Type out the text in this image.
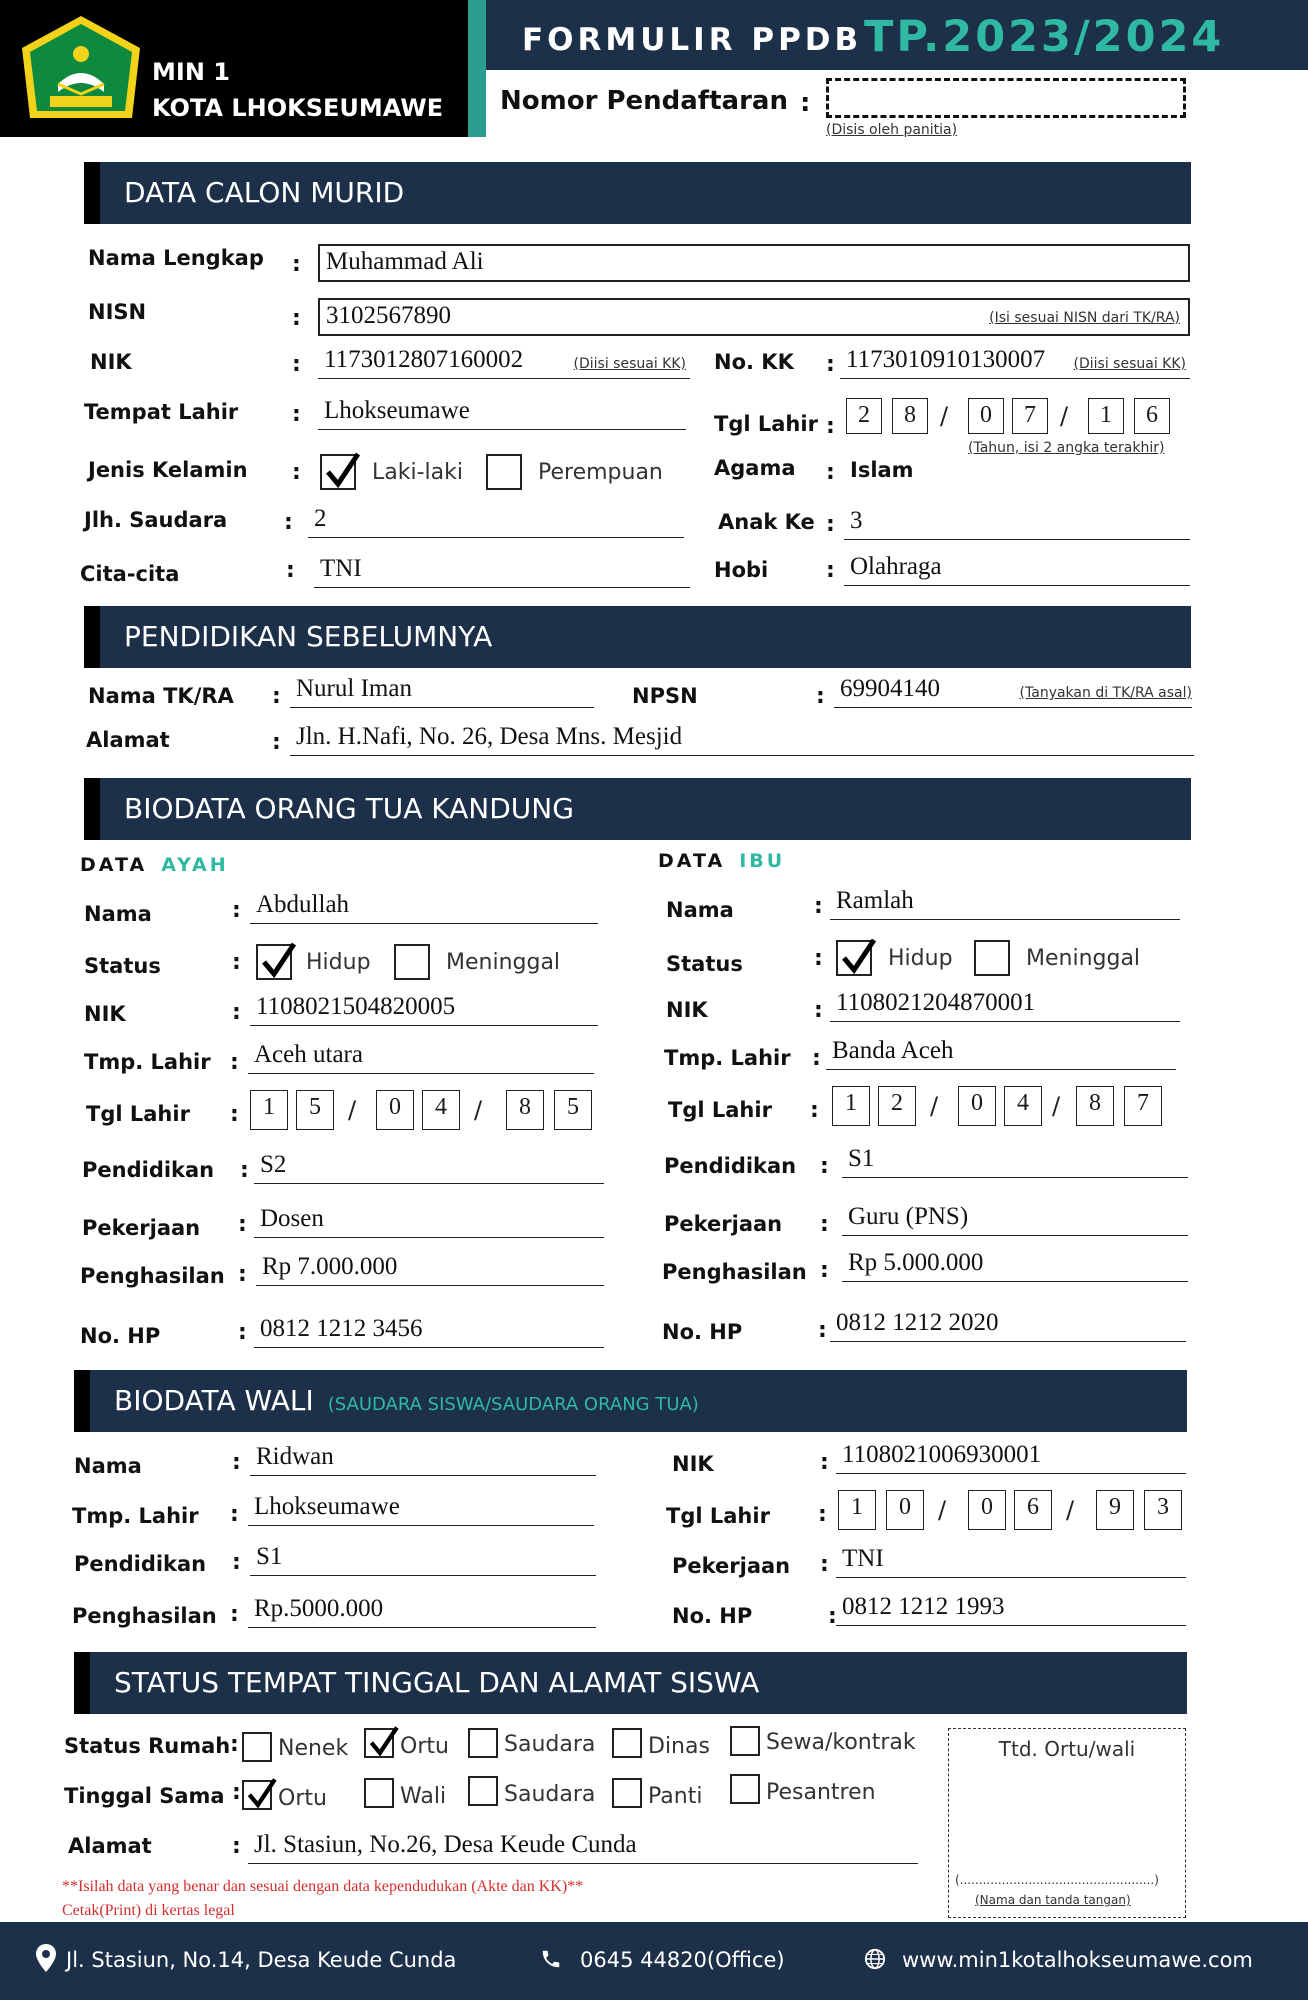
MIN 1
KOTA LHOKSEUMAWE
FORMULIR PPDB TP.2023/2024
Nomor Pendaftaran :
(Disis oleh panitia)
DATA CALON MURID
Nama Lengkap : Muhammad Ali
NISN	: 3102567890	(Isi sesuai NISN dari TK/RA)
NIK	: 1173012807160002	(Diisi sesuai KK) No. KK : 1173010910130007 (Diisi sesuai KK)
Tempat Lahir : Lhokseumawe	Tgl Lahir : 2	8	/	0	7	/	1	6
(Tahun, isi 2 angka terakhir)
Jenis Kelamin :	Laki-laki	Perempuan Agama : Islam
Jlh. Saudara	: 2	Anak Ke : 3
Cita-cita	: TNI	Hobi	: Olahraga
PENDIDIKAN SEBELUMNYA
Nama TK/RA : Nurul Iman	NPSN	: 69904140	(Tanyakan di TK/RA asal)
Alamat	: Jln. H.Nafi, No. 26, Desa Mns. Mesjid
BIODATA ORANG TUA KANDUNG
DATA AYAH
Nama	: Abdullah
Status	:	Hidup	Meninggal
NIK	: 1108021504820005
Tmp. Lahir : Aceh utara
Tgl Lahir :	1	5	/	0	4	/	8	5
Pendidikan : S2
Pekerjaan : Dosen
Penghasilan : Rp 7.000.000
No. HP	: 0812 1212 3456
DATA IBU
Nama	: Ramlah
Status	:	Hidup	Meninggal
NIK	: 1108021204870001
Tmp. Lahir : Banda Aceh
Tgl Lahir :	1	2	/	0	4 /	8	7
Pendidikan : S1
Pekerjaan : Guru (PNS)
Penghasilan : Rp 5.000.000
No. HP	: 0812 1212 2020
BIODATA WALI (SAUDARA SISWA/SAUDARA ORANG TUA)
Nama	: Ridwan	NIK	: 1108021006930001
Tmp. Lahir : Lhokseumawe	Tgl Lahir :	1	0	/	0	6	/	9	3
Pendidikan : S1	Pekerjaan : TNI
Penghasilan : Rp.5000.000	No. HP	: 0812 1212 1993
STATUS TEMPAT TINGGAL DAN ALAMAT SISWA
Status Rumah : Nenek Ortu	Saudara Dinas	Sewa/kontrak
Tinggal Sama : Ortu	Wali	Saudara Panti	Pesantren
Alamat	: Jl. Stasiun, No.26, Desa Keude Cunda
Ttd. Ortu/wali
(...................................................)
(Nama dan tanda tangan)
**Isilah data yang benar dan sesuai dengan data kependudukan (Akte dan KK)**
Cetak(Print) di kertas legal
Jl. Stasiun, No.14, Desa Keude Cunda	0645 44820(Office)	www.min1kotalhokseumawe.com
